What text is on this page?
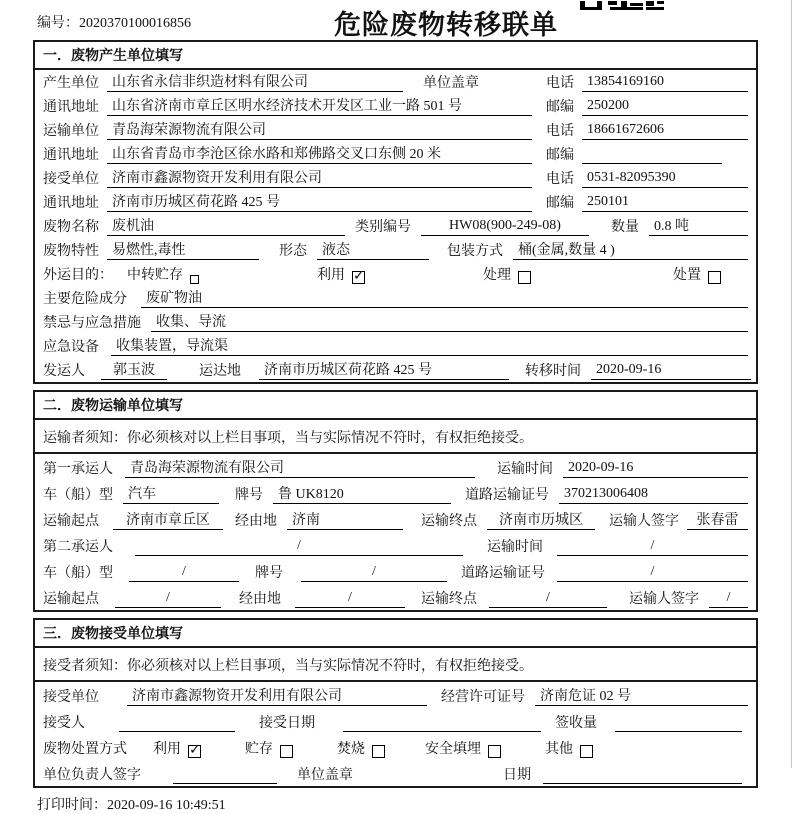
编号：2020370100016856	危险废物转移联单
一．废物产生单位填写
产生单位 山东省永信非织造材料有限公司	单位盖章	电话 13854169160
通讯地址 山东省济南市章丘区明水经济技术开发区工业一路 501 号	邮编 250200
运输单位 青岛海荣源物流有限公司	电话 18661672606
通讯地址 山东省青岛市李沧区徐水路和郑佛路交叉口东侧 20 米	邮编
接受单位 济南市鑫源物资开发利用有限公司	电话 0531-82095390
通讯地址 济南市历城区荷花路 425 号	邮编 250101
废物名称 废机油	类别编号	HW08(900-249-08)	数量	0.8 吨
废物特性 易燃性,毒性	形态	液态	包装方式	桶(金属,数量 4 )
外运目的： 中转贮存	利用 ✓	处理	处置
主要危险成分	废矿物油
禁忌与应急措施	收集、导流
应急设备	收集装置，导流渠
发运人	郭玉波	运达地	济南市历城区荷花路 425 号	转移时间	2020-09-16
二．废物运输单位填写
运输者须知：你必须核对以上栏目事项，当与实际情况不符时，有权拒绝接受。
第一承运人	青岛海荣源物流有限公司	运输时间	2020-09-16
车（船）型	汽车	牌号	鲁 UK8120	道路运输证号	370213006408
运输起点	济南市章丘区	经由地	济南	运输终点	济南市历城区	运输人签字	张春雷
第二承运人	/	运输时间	/
车（船）型	/	牌号	/	道路运输证号	/
运输起点	/	经由地	/	运输终点	/	运输人签字	/
三．废物接受单位填写
接受者须知：你必须核对以上栏目事项，当与实际情况不符时，有权拒绝接受。
接受单位	济南市鑫源物资开发利用有限公司	经营许可证号	济南危证 02 号
接受人	接受日期	签收量
废物处置方式 利用 ✓	贮存	焚烧	安全填埋	其他
单位负责人签字	单位盖章	日期
打印时间：2020-09-16 10:49:51
